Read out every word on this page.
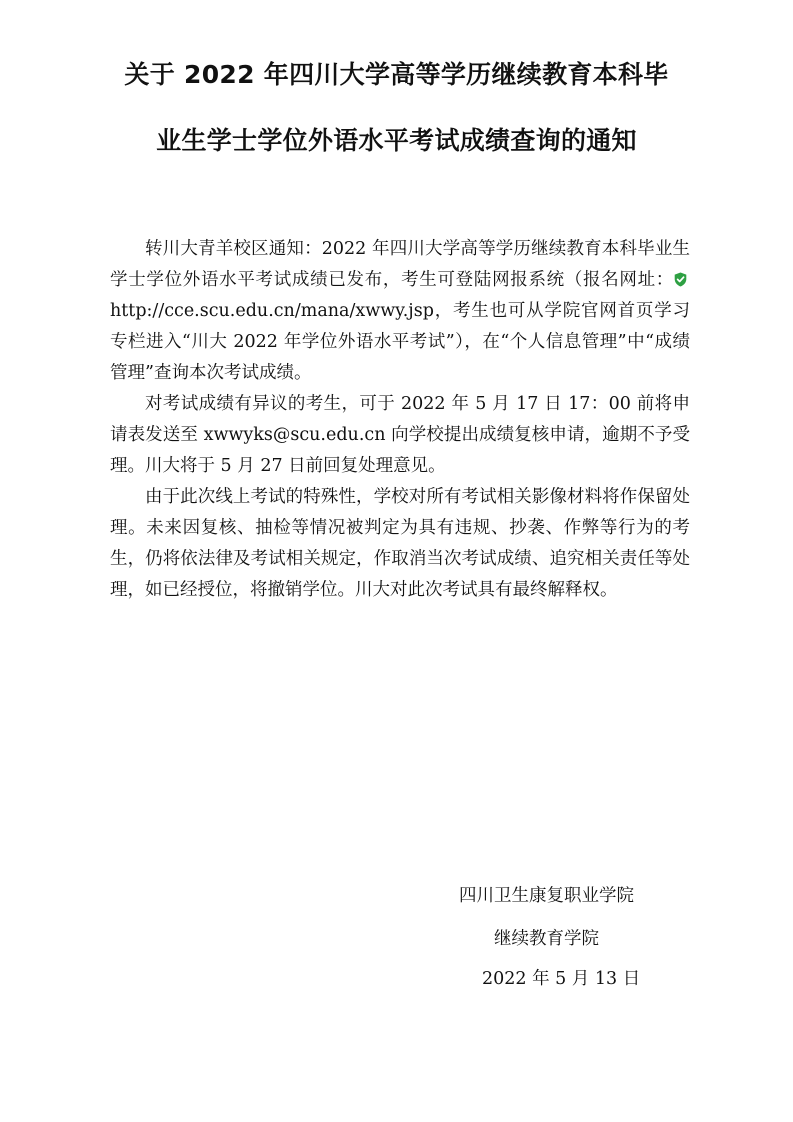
关于 2022 年四川大学高等学历继续教育本科毕
业生学士学位外语水平考试成绩查询的通知

转川大青羊校区通知：2022 年四川大学高等学历继续教育本科毕业生学士学位外语水平考试成绩已发布，考生可登陆网报系统（报名网址：http://cce.scu.edu.cn/mana/xwwy.jsp，考生也可从学院官网首页学习专栏进入“川大 2022 年学位外语水平考试”），在“个人信息管理”中“成绩管理”查询本次考试成绩。

对考试成绩有异议的考生，可于 2022 年 5 月 17 日 17：00 前将申请表发送至 xwwyks@scu.edu.cn 向学校提出成绩复核申请，逾期不予受理。川大将于 5 月 27 日前回复处理意见。

由于此次线上考试的特殊性，学校对所有考试相关影像材料将作保留处理。未来因复核、抽检等情况被判定为具有违规、抄袭、作弊等行为的考生，仍将依法律及考试相关规定，作取消当次考试成绩、追究相关责任等处理，如已经授位，将撤销学位。川大对此次考试具有最终解释权。

四川卫生康复职业学院
继续教育学院
2022 年 5 月 13 日
